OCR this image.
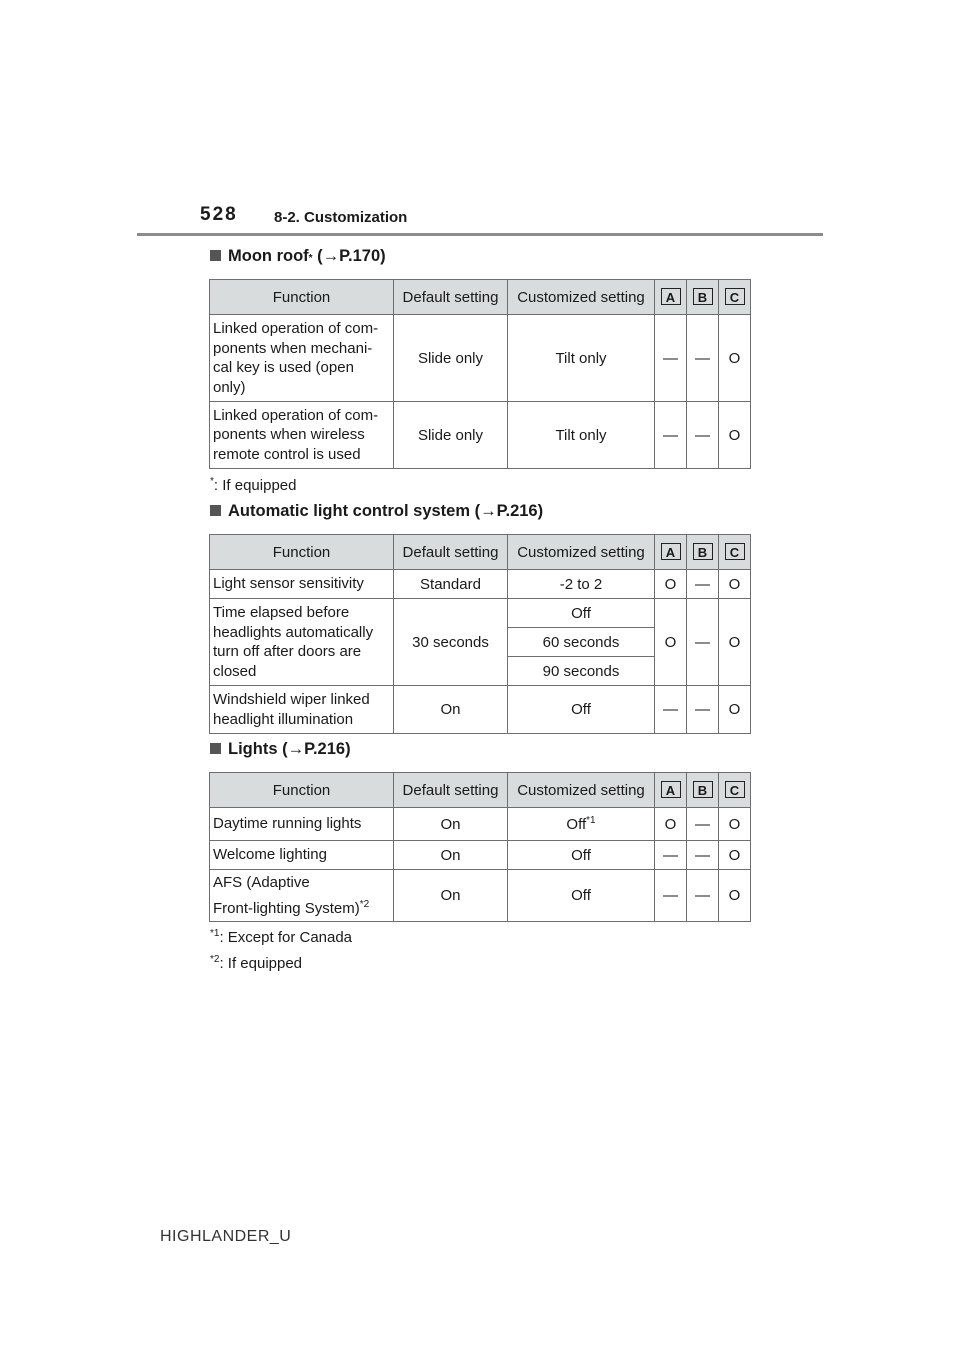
528 8-2. Customization
Moon roof *
(→P.170)
Function	Default setting	Customized setting	A	B	C
Linked operation of com-
ponents when mechani-
cal key is used (open
only)	Slide only	Tilt only	—	—	O
Linked operation of com-
ponents when wireless
remote control is used	Slide only	Tilt only	—	—	O
*: If equipped
Automatic light control system
(→P.216)
Function	Default setting	Customized setting	A	B	C
Light sensor sensitivity	Standard	-2 to 2	O	—	O
Time elapsed before
headlights automatically
turn off after doors are
closed	30 seconds	Off	O	—	O
		60 seconds			
		90 seconds			
Windshield wiper linked
headlight illumination	On	Off	—	—	O
Lights
(→P.216)
Function	Default setting	Customized setting	A	B	C
Daytime running lights	On	Off$^{*1}$	O	—	O
Welcome lighting	On	Off	—	—	O
AFS (Adaptive
Front-lighting System)$^{*2}$	On	Off	—	—	O
$^{*1}$: Except for Canada
$^{*2}$: If equipped
HIGHLANDER_U
